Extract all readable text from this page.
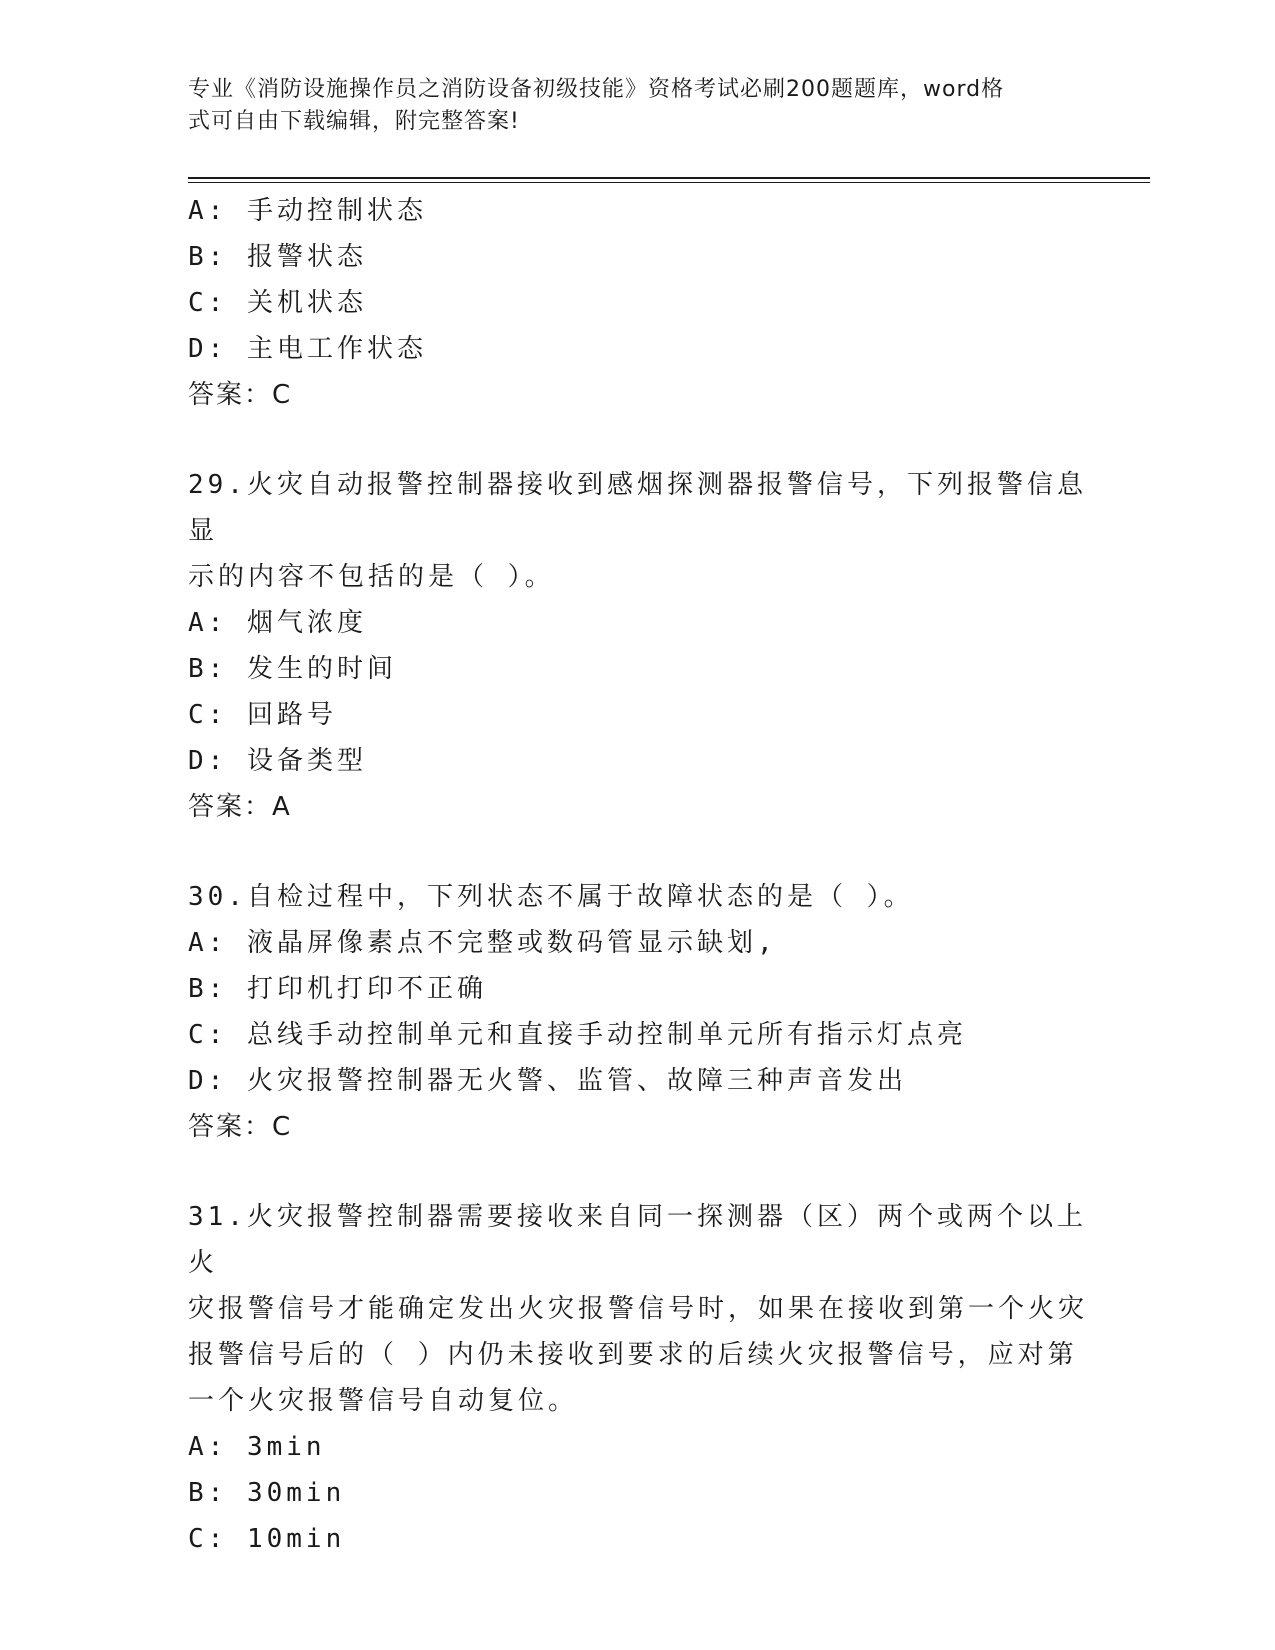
专业《消防设施操作员之消防设备初级技能》资格考试必刷200题题库，word格
式可自由下载编辑，附完整答案!
A: 手动控制状态
B: 报警状态
C: 关机状态
D: 主电工作状态
答案：C
29.火灾自动报警控制器接收到感烟探测器报警信号，下列报警信息显
示的内容不包括的是（ ）。
A: 烟气浓度
B: 发生的时间
C: 回路号
D: 设备类型
答案：A
30.自检过程中，下列状态不属于故障状态的是（ ）。
A: 液晶屏像素点不完整或数码管显示缺划,
B: 打印机打印不正确
C: 总线手动控制单元和直接手动控制单元所有指示灯点亮
D: 火灾报警控制器无火警、监管、故障三种声音发出
答案：C
31.火灾报警控制器需要接收来自同一探测器（区）两个或两个以上火
灾报警信号才能确定发出火灾报警信号时，如果在接收到第一个火灾
报警信号后的（ ）内仍未接收到要求的后续火灾报警信号，应对第
一个火灾报警信号自动复位。
A: 3min
B: 30min
C: 10min
